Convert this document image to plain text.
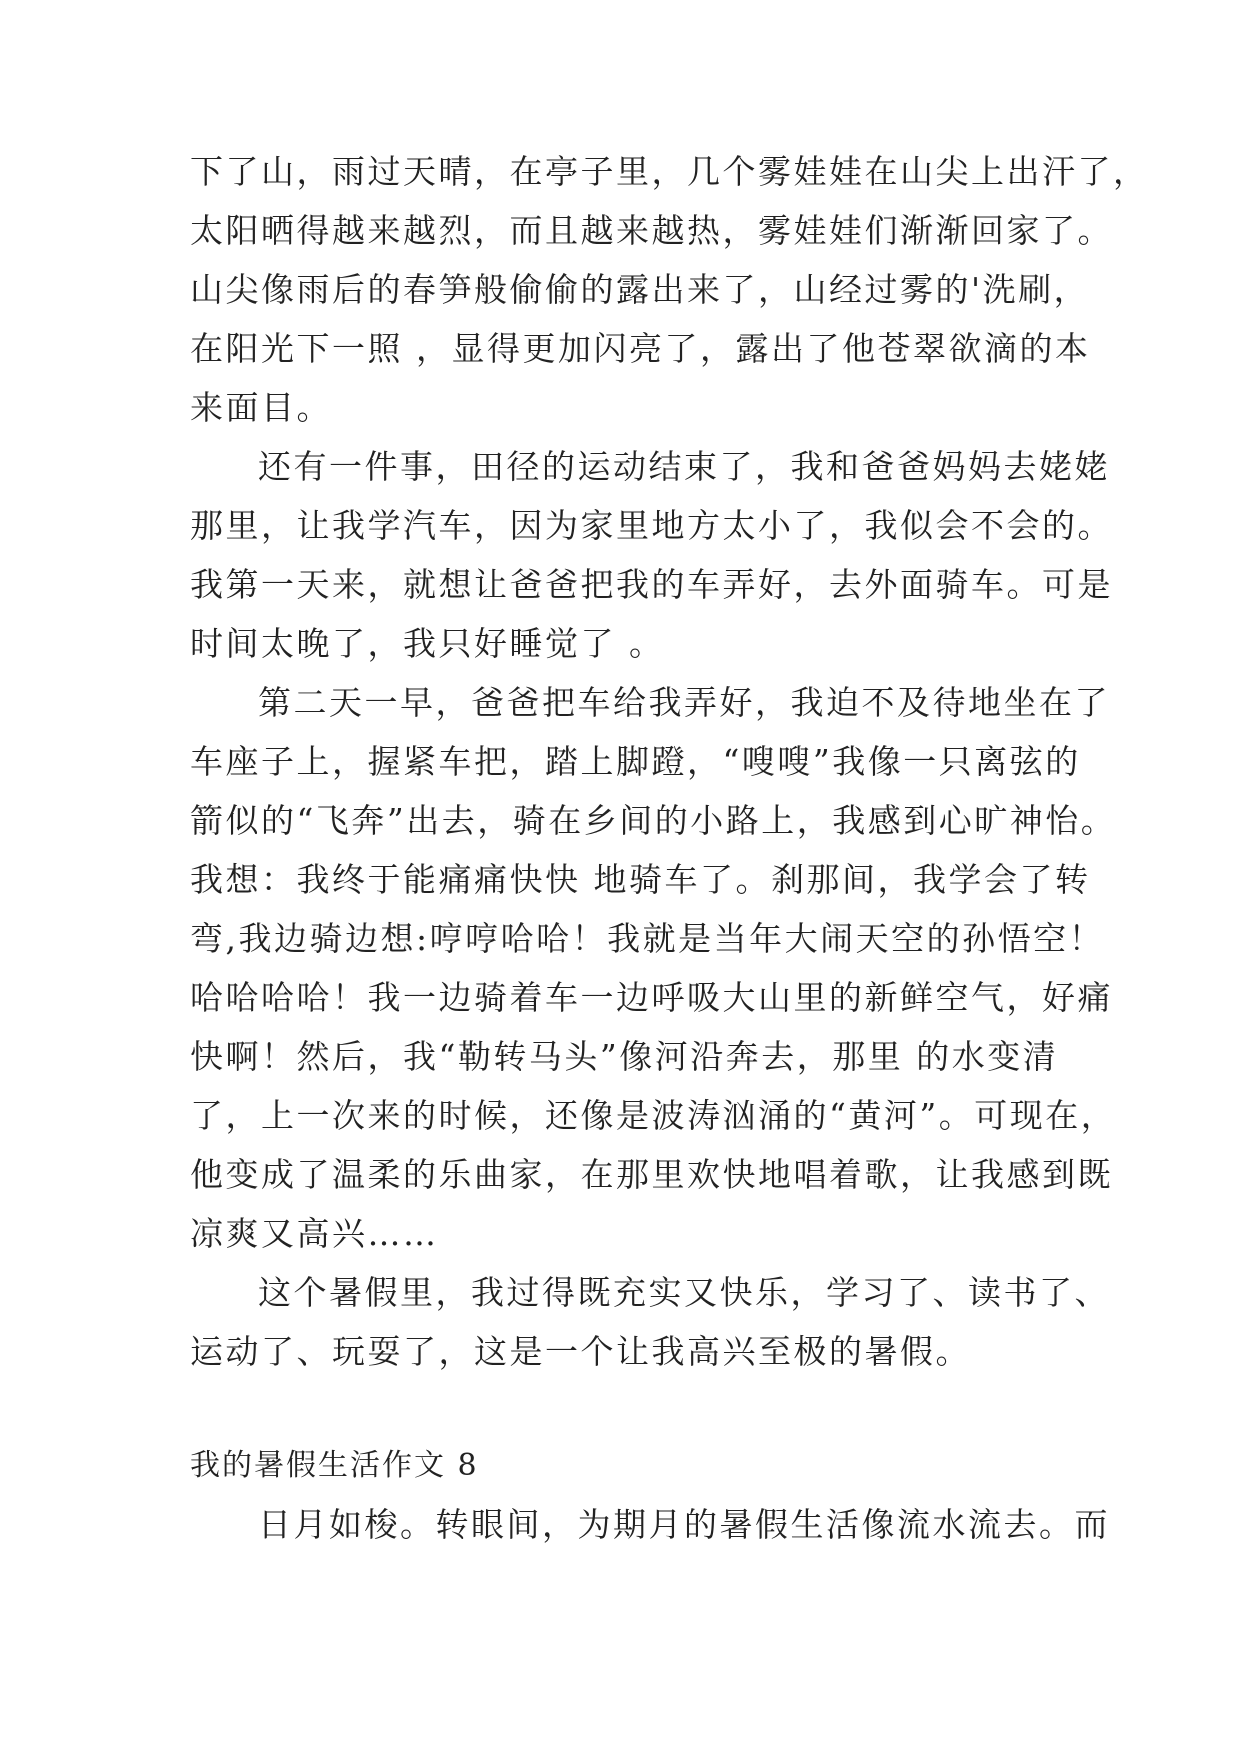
下了山，雨过天晴，在亭子里，几个雾娃娃在山尖上出汗了，

太阳晒得越来越烈，而且越来越热，雾娃娃们渐渐回家了。

山尖像雨后的春笋般偷偷的露出来了，山经过雾的'洗刷，

在阳光下一照 ，显得更加闪亮了，露出了他苍翠欲滴的本

来面目。

还有一件事，田径的运动结束了，我和爸爸妈妈去姥姥

那里，让我学汽车，因为家里地方太小了，我似会不会的。

我第一天来，就想让爸爸把我的车弄好，去外面骑车。可是

时间太晚了，我只好睡觉了 。

第二天一早，爸爸把车给我弄好，我迫不及待地坐在了

车座子上，握紧车把，踏上脚蹬，“嗖嗖”我像一只离弦的

箭似的“飞奔”出去，骑在乡间的小路上，我感到心旷神怡。

我想：我终于能痛痛快快 地骑车了。刹那间，我学会了转

弯,我边骑边想:哼哼哈哈！我就是当年大闹天空的孙悟空！

哈哈哈哈！我一边骑着车一边呼吸大山里的新鲜空气，好痛

快啊！然后，我“勒转马头”像河沿奔去，那里 的水变清

了，上一次来的时候，还像是波涛汹涌的“黄河”。可现在，

他变成了温柔的乐曲家，在那里欢快地唱着歌，让我感到既

凉爽又高兴……

这个暑假里，我过得既充实又快乐，学习了、读书了、

运动了、玩耍了，这是一个让我高兴至极的暑假。

我的暑假生活作文 8

日月如梭。转眼间，为期月的暑假生活像流水流去。而
